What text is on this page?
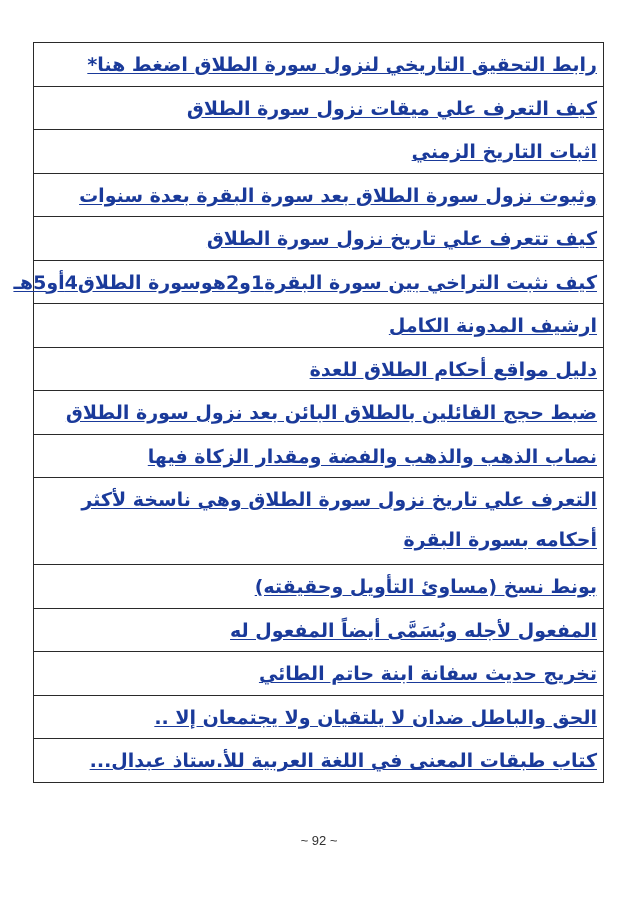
رابط التحقيق التاريخي لنزول سورة الطلاق اضغط هنا*
كيف التعرف علي ميقات نزول سورة الطلاق
اثبات التاريخ الزمني
وثبوت نزول سورة الطلاق بعد سورة البقرة بعدة سنوات
كيف تتعرف علي تاريخ نزول سورة الطلاق
كيف نثبت التراخي بين سورة البقرة1و2هوسورة الطلاق4أو5هـ
ارشيف المدونة الكامل
دليل مواقع أحكام الطلاق للعدة
ضبط حجج القائلين بالطلاق البائن بعد نزول سورة الطلاق
نصاب الذهب والذهب والفضة ومقدار الزكاة فيها
التعرف علي تاريخ نزول سورة الطلاق وهي ناسخة لأكثر أحكامه بسورة البقرة
بونط نسخ (مساوئ التأويل وحقيقته)
المفعول لأجله ويُسَمَّى أيضاً المفعول له
تخريج حديث سفانة ابنة حاتم الطائي
الحق والباطل ضدان لا يلتقيان ولا يجتمعان إلا ..
كتاب طبقات المعنى في اللغة العربية للأ.ستاذ عبدال...
~ 92 ~
